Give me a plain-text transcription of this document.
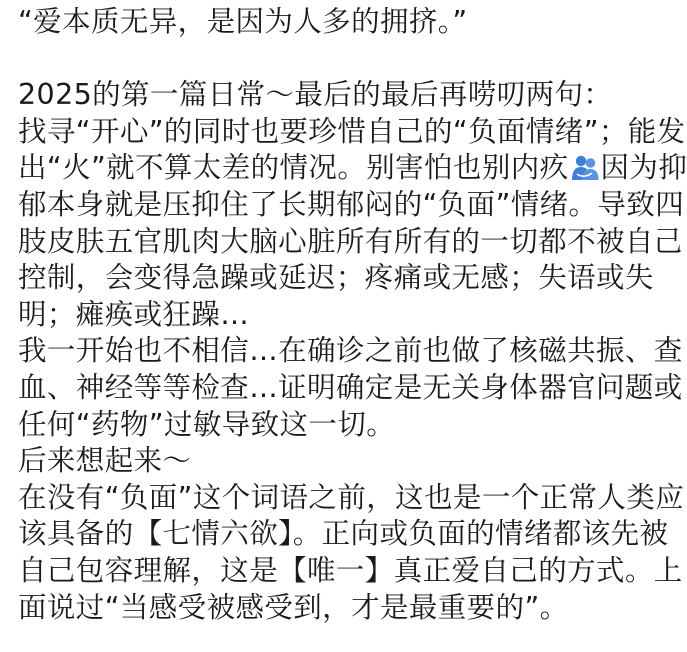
“爱本质无异，是因为人多的拥挤。”
2025的第一篇日常～最后的最后再唠叨两句：
找寻“开心”的同时也要珍惜自己的“负面情绪”；能发
出“火”就不算太差的情况。别害怕也别内疚 因为抑
郁本身就是压抑住了长期郁闷的“负面”情绪。导致四
肢皮肤五官肌肉大脑心脏所有所有的一切都不被自己
控制，会变得急躁或延迟；疼痛或无感；失语或失
明；瘫痪或狂躁…
我一开始也不相信…在确诊之前也做了核磁共振、查
血、神经等等检查…证明确定是无关身体器官问题或
任何“药物”过敏导致这一切。
后来想起来～
在没有“负面”这个词语之前，这也是一个正常人类应
该具备的【七情六欲】。正向或负面的情绪都该先被
自己包容理解，这是【唯一】真正爱自己的方式。上
面说过“当感受被感受到，才是最重要的”。
